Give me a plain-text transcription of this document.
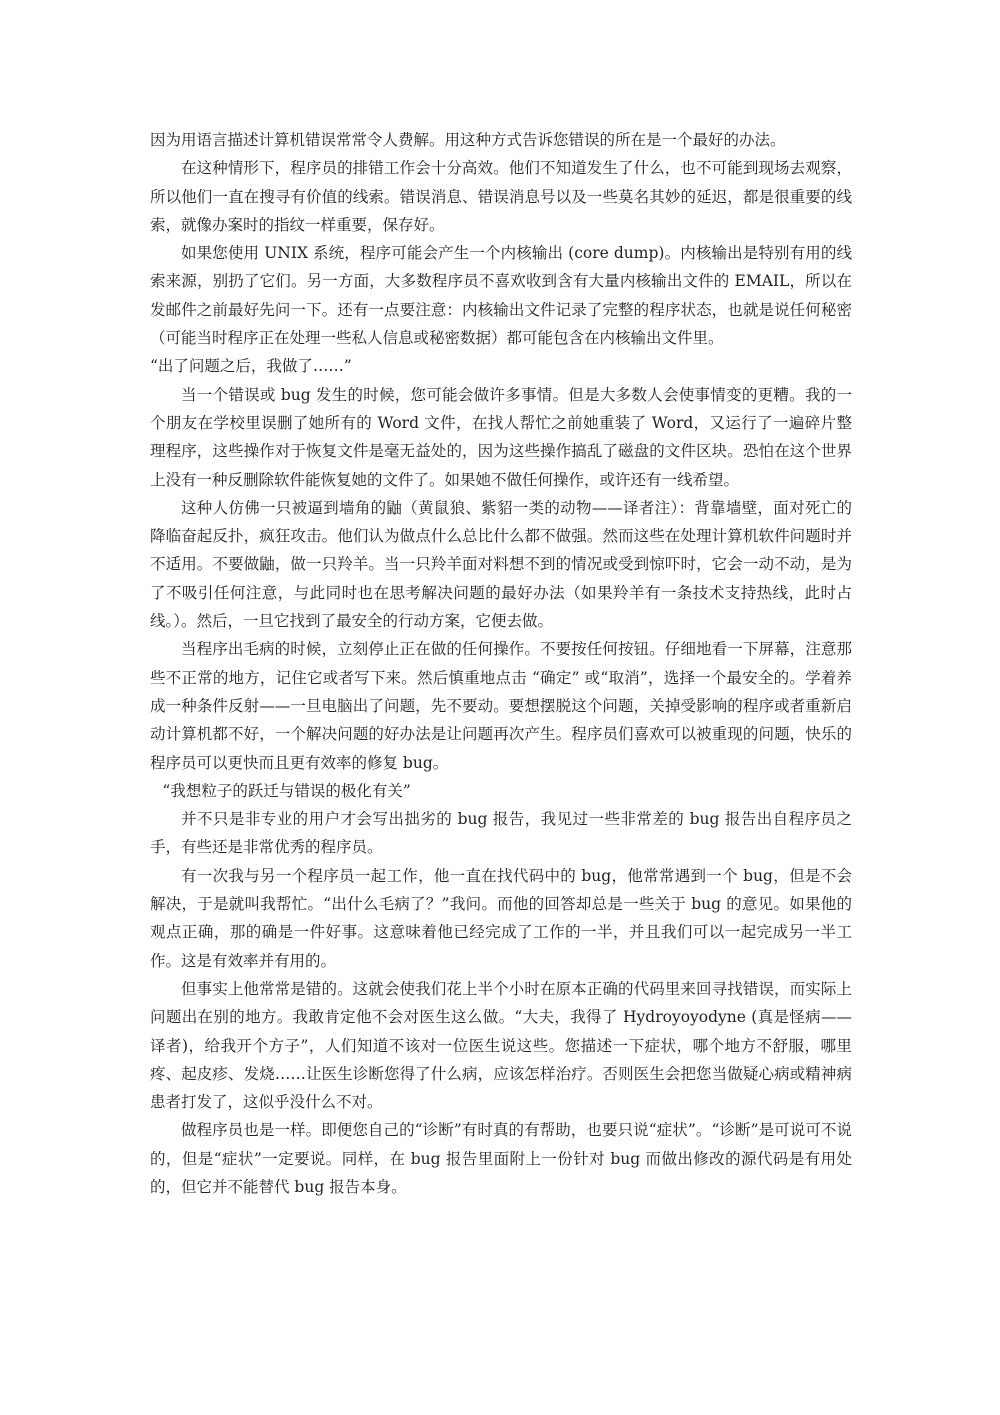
因为用语言描述计算机错误常常令人费解。用这种方式告诉您错误的所在是一个最好的办法。

在这种情形下，程序员的排错工作会十分高效。他们不知道发生了什么，也不可能到现场去观察，所以他们一直在搜寻有价值的线索。错误消息、错误消息号以及一些莫名其妙的延迟，都是很重要的线索，就像办案时的指纹一样重要，保存好。

如果您使用 UNIX 系统，程序可能会产生一个内核输出 (core dump)。内核输出是特别有用的线索来源，别扔了它们。另一方面，大多数程序员不喜欢收到含有大量内核输出文件的 EMAIL，所以在发邮件之前最好先问一下。还有一点要注意：内核输出文件记录了完整的程序状态，也就是说任何秘密（可能当时程序正在处理一些私人信息或秘密数据）都可能包含在内核输出文件里。

“出了问题之后，我做了……”

当一个错误或 bug 发生的时候，您可能会做许多事情。但是大多数人会使事情变的更糟。我的一个朋友在学校里误删了她所有的 Word 文件，在找人帮忙之前她重装了 Word，又运行了一遍碎片整理程序，这些操作对于恢复文件是毫无益处的，因为这些操作搞乱了磁盘的文件区块。恐怕在这个世界上没有一种反删除软件能恢复她的文件了。如果她不做任何操作，或许还有一线希望。

这种人仿佛一只被逼到墙角的鼬（黄鼠狼、紫貂一类的动物——译者注）：背靠墙壁，面对死亡的降临奋起反扑，疯狂攻击。他们认为做点什么总比什么都不做强。然而这些在处理计算机软件问题时并不适用。不要做鼬，做一只羚羊。当一只羚羊面对料想不到的情况或受到惊吓时，它会一动不动，是为了不吸引任何注意，与此同时也在思考解决问题的最好办法（如果羚羊有一条技术支持热线，此时占线。）。然后，一旦它找到了最安全的行动方案，它便去做。

当程序出毛病的时候，立刻停止正在做的任何操作。不要按任何按钮。仔细地看一下屏幕，注意那些不正常的地方，记住它或者写下来。然后慎重地点击 “确定” 或“取消”，选择一个最安全的。学着养成一种条件反射——一旦电脑出了问题，先不要动。要想摆脱这个问题，关掉受影响的程序或者重新启动计算机都不好，一个解决问题的好办法是让问题再次产生。程序员们喜欢可以被重现的问题，快乐的程序员可以更快而且更有效率的修复 bug。

“我想粒子的跃迁与错误的极化有关”

并不只是非专业的用户才会写出拙劣的 bug 报告，我见过一些非常差的 bug 报告出自程序员之手，有些还是非常优秀的程序员。

有一次我与另一个程序员一起工作，他一直在找代码中的 bug，他常常遇到一个 bug，但是不会解决，于是就叫我帮忙。“出什么毛病了？”我问。而他的回答却总是一些关于 bug 的意见。如果他的观点正确，那的确是一件好事。这意味着他已经完成了工作的一半，并且我们可以一起完成另一半工作。这是有效率并有用的。

但事实上他常常是错的。这就会使我们花上半个小时在原本正确的代码里来回寻找错误，而实际上问题出在别的地方。我敢肯定他不会对医生这么做。“大夫，我得了 Hydroyoyodyne (真是怪病——译者)，给我开个方子”，人们知道不该对一位医生说这些。您描述一下症状，哪个地方不舒服，哪里疼、起皮疹、发烧……让医生诊断您得了什么病，应该怎样治疗。否则医生会把您当做疑心病或精神病患者打发了，这似乎没什么不对。

做程序员也是一样。即便您自己的“诊断”有时真的有帮助，也要只说“症状”。“诊断”是可说可不说的，但是“症状”一定要说。同样，在 bug 报告里面附上一份针对 bug 而做出修改的源代码是有用处的，但它并不能替代 bug 报告本身。
